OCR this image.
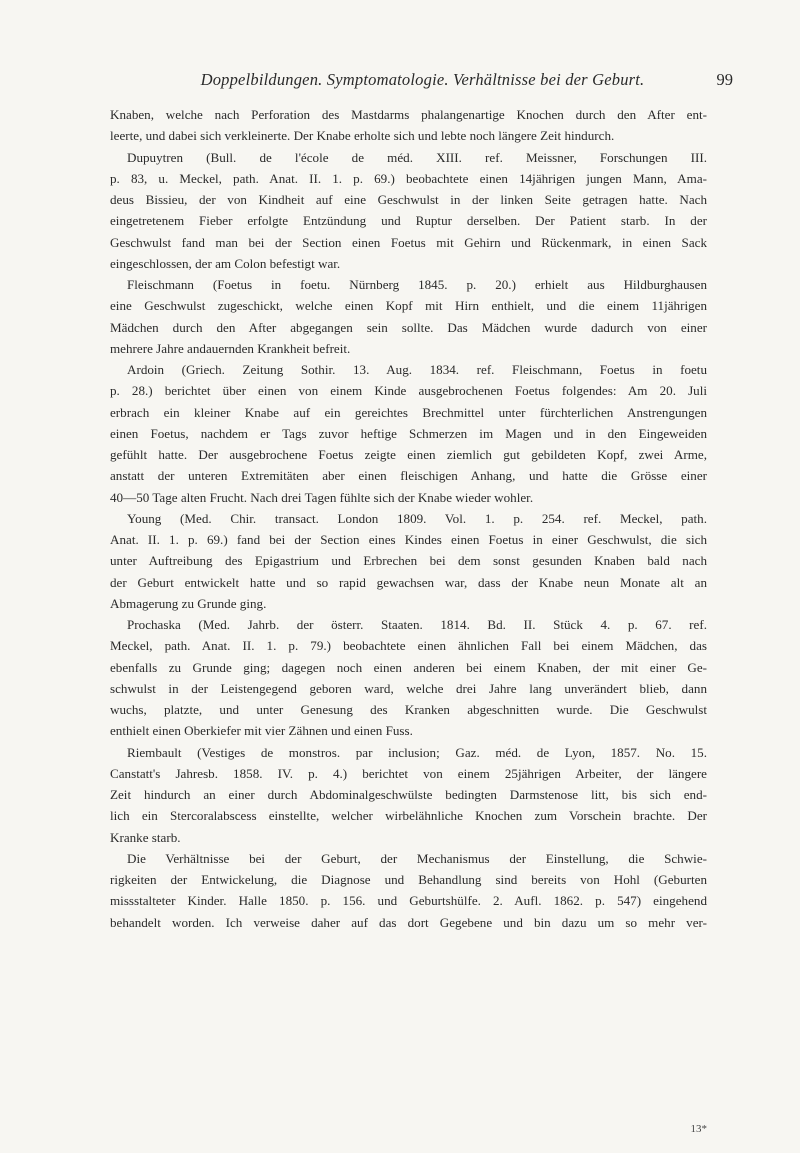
Doppelbildungen. Symptomatologie. Verhältnisse bei der Geburt.	99
Knaben, welche nach Perforation des Mastdarms phalangenartige Knochen durch den After ent-
leerte, und dabei sich verkleinerte. Der Knabe erholte sich und lebte noch längere Zeit hindurch.
Dupuytren (Bull. de l'école de méd. XIII. ref. Meissner, Forschungen III.
p. 83, u. Meckel, path. Anat. II. 1. p. 69.) beobachtete einen 14jährigen jungen Mann, Ama-
deus Bissieu, der von Kindheit auf eine Geschwulst in der linken Seite getragen hatte. Nach
eingetretenem Fieber erfolgte Entzündung und Ruptur derselben. Der Patient starb. In der
Geschwulst fand man bei der Section einen Foetus mit Gehirn und Rückenmark, in einen Sack
eingeschlossen, der am Colon befestigt war.
Fleischmann (Foetus in foetu. Nürnberg 1845. p. 20.) erhielt aus Hildburghausen
eine Geschwulst zugeschickt, welche einen Kopf mit Hirn enthielt, und die einem 11jährigen
Mädchen durch den After abgegangen sein sollte. Das Mädchen wurde dadurch von einer
mehrere Jahre andauernden Krankheit befreit.
Ardoin (Griech. Zeitung Sothir. 13. Aug. 1834. ref. Fleischmann, Foetus in foetu
p. 28.) berichtet über einen von einem Kinde ausgebrochenen Foetus folgendes: Am 20. Juli
erbrach ein kleiner Knabe auf ein gereichtes Brechmittel unter fürchterlichen Anstrengungen
einen Foetus, nachdem er Tags zuvor heftige Schmerzen im Magen und in den Eingeweiden
gefühlt hatte. Der ausgebrochene Foetus zeigte einen ziemlich gut gebildeten Kopf, zwei Arme,
anstatt der unteren Extremitäten aber einen fleischigen Anhang, und hatte die Grösse einer
40—50 Tage alten Frucht. Nach drei Tagen fühlte sich der Knabe wieder wohler.
Young (Med. Chir. transact. London 1809. Vol. 1. p. 254. ref. Meckel, path.
Anat. II. 1. p. 69.) fand bei der Section eines Kindes einen Foetus in einer Geschwulst, die sich
unter Auftreibung des Epigastrium und Erbrechen bei dem sonst gesunden Knaben bald nach
der Geburt entwickelt hatte und so rapid gewachsen war, dass der Knabe neun Monate alt an
Abmagerung zu Grunde ging.
Prochaska (Med. Jahrb. der österr. Staaten. 1814. Bd. II. Stück 4. p. 67. ref.
Meckel, path. Anat. II. 1. p. 79.) beobachtete einen ähnlichen Fall bei einem Mädchen, das
ebenfalls zu Grunde ging; dagegen noch einen anderen bei einem Knaben, der mit einer Ge-
schwulst in der Leistengegend geboren ward, welche drei Jahre lang unverändert blieb, dann
wuchs, platzte, und unter Genesung des Kranken abgeschnitten wurde. Die Geschwulst
enthielt einen Oberkiefer mit vier Zähnen und einen Fuss.
Riembault (Vestiges de monstros. par inclusion; Gaz. méd. de Lyon, 1857. No. 15.
Canstatt's Jahresb. 1858. IV. p. 4.) berichtet von einem 25jährigen Arbeiter, der längere
Zeit hindurch an einer durch Abdominalgeschwülste bedingten Darmstenose litt, bis sich end-
lich ein Stercoralabscess einstellte, welcher wirbelähnliche Knochen zum Vorschein brachte. Der
Kranke starb.
Die Verhältnisse bei der Geburt, der Mechanismus der Einstellung, die Schwie-
rigkeiten der Entwickelung, die Diagnose und Behandlung sind bereits von Hohl (Geburten
missstalteter Kinder. Halle 1850. p. 156. und Geburtshülfe. 2. Aufl. 1862. p. 547) eingehend
behandelt worden. Ich verweise daher auf das dort Gegebene und bin dazu um so mehr ver-
13*
